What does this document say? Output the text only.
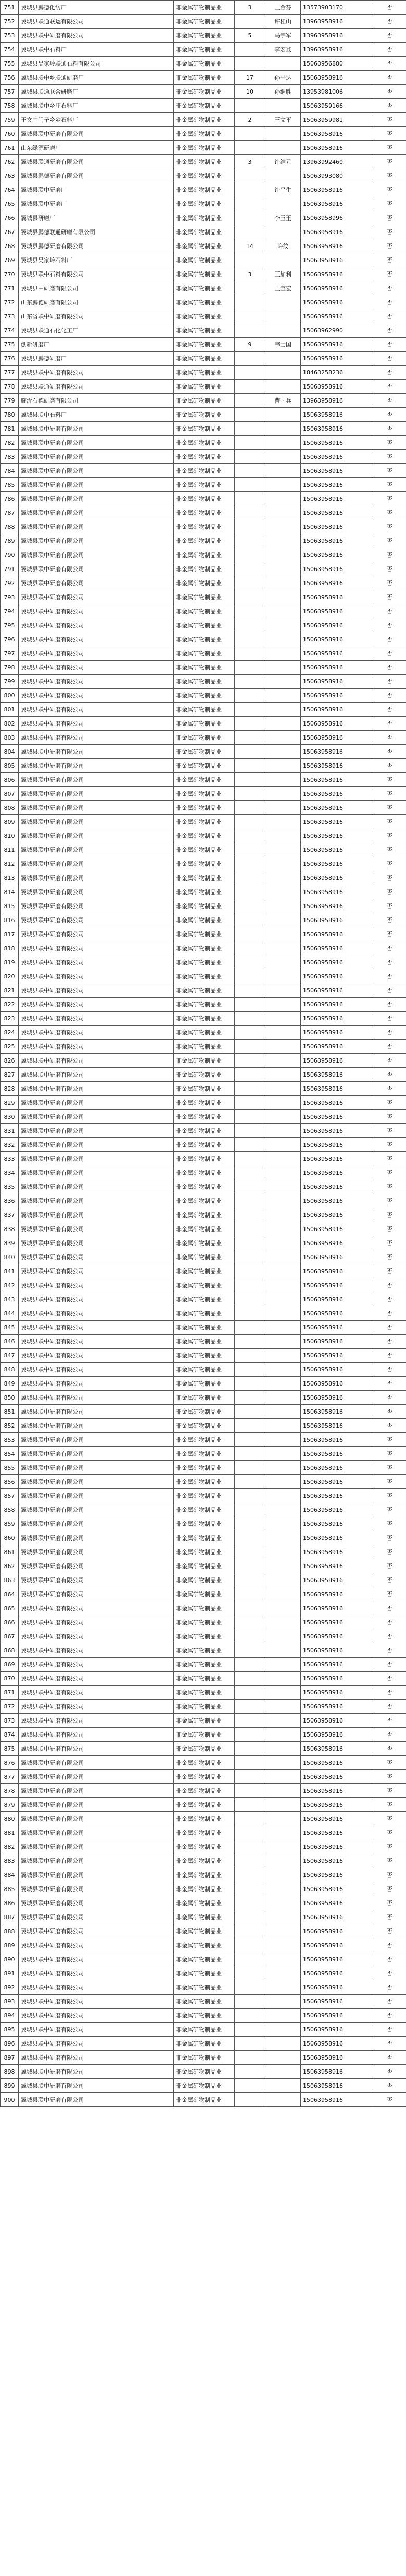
751	翼城县鹏德化纺厂	非金属矿物制品业	3	王金芬	13573903170	否
752	翼城县联通联运有限公司	非金属矿物制品业		许桂山	13963958916	否
753	翼城县联中研磨有限公司	非金属矿物制品业	5	马宇军	13963958916	否
754	翼城县联中石料厂	非金属矿物制品业		李宏登	13963958916	否
755	翼城县吴家岭联通石料有限公司	非金属矿物制品业			15063956880	否
756	翼城县联中乡联通研磨厂	非金属矿物制品业	17	孙平达	15063958916	否
757	翼城县联通联合研磨厂	非金属矿物制品业	10	孙继胜	13953981006	否
758	翼城县联中乡庄石料厂	非金属矿物制品业			15063959166	否
759	王文中门子乡乡石料厂	非金属矿物制品业	2	王文平	15063959981	否
760	翼城县联中研磨有限公司	非金属矿物制品业			15063958916	否
761	山东绿源研磨厂	非金属矿物制品业			15063958916	否
762	翼城县联通研磨有限公司	非金属矿物制品业	3	许维元	13963992460	否
763	翼城县鹏德研磨有限公司	非金属矿物制品业			15063993080	否
764	翼城县联中研磨厂	非金属矿物制品业		许平生	15063958916	否
765	翼城县联中研磨厂	非金属矿物制品业			15063958916	否
766	翼城县研磨厂	非金属矿物制品业		李玉王	15063958996	否
767	翼城县鹏德联通研磨有限公司	非金属矿物制品业			15063958916	否
768	翼城县鹏德研磨有限公司	非金属矿物制品业	14	许纹	15063958916	否
769	翼城县吴家岭石料厂	非金属矿物制品业			15063958916	否
770	翼城县联中石料有限公司	非金属矿物制品业	3	王加利	15063958916	否
771	翼城县中研磨有限公司	非金属矿物制品业		王宝宏	15063958916	否
772	山东鹏德研磨有限公司	非金属矿物制品业			15063958916	否
773	山东省联中研磨有限公司	非金属矿物制品业			15063958916	否
774	翼城县联通石化化工厂	非金属矿物制品业			15063962990	否
775	创新研磨厂	非金属矿物制品业	9	韦士国	15063958916	否
776	翼城县鹏德研磨厂	非金属矿物制品业			15063958916	否
777	翼城县联中研磨有限公司	非金属矿物制品业			18463258236	否
778	翼城县联通研磨有限公司	非金属矿物制品业			15063958916	否
779	临沂石德研磨有限公司	非金属矿物制品业		曹国兵	13963958916	否
780	翼城县联中石料厂	非金属矿物制品业			15063958916	否
781	翼城县联中研磨有限公司	非金属矿物制品业			15063958916	否
782	翼城县联中研磨有限公司	非金属矿物制品业			15063958916	否
783	翼城县联中研磨有限公司	非金属矿物制品业			15063958916	否
784	翼城县联中研磨有限公司	非金属矿物制品业			15063958916	否
785	翼城县联中研磨有限公司	非金属矿物制品业			15063958916	否
786	翼城县联中研磨有限公司	非金属矿物制品业			15063958916	否
787	翼城县联中研磨有限公司	非金属矿物制品业			15063958916	否
788	翼城县联中研磨有限公司	非金属矿物制品业			15063958916	否
789	翼城县联中研磨有限公司	非金属矿物制品业			15063958916	否
790	翼城县联中研磨有限公司	非金属矿物制品业			15063958916	否
791	翼城县联中研磨有限公司	非金属矿物制品业			15063958916	否
792	翼城县联中研磨有限公司	非金属矿物制品业			15063958916	否
793	翼城县联中研磨有限公司	非金属矿物制品业			15063958916	否
794	翼城县联中研磨有限公司	非金属矿物制品业			15063958916	否
795	翼城县联中研磨有限公司	非金属矿物制品业			15063958916	否
796	翼城县联中研磨有限公司	非金属矿物制品业			15063958916	否
797	翼城县联中研磨有限公司	非金属矿物制品业			15063958916	否
798	翼城县联中研磨有限公司	非金属矿物制品业			15063958916	否
799	翼城县联中研磨有限公司	非金属矿物制品业			15063958916	否
800	翼城县联中研磨有限公司	非金属矿物制品业			15063958916	否
801	翼城县联中研磨有限公司	非金属矿物制品业			15063958916	否
802	翼城县联中研磨有限公司	非金属矿物制品业			15063958916	否
803	翼城县联中研磨有限公司	非金属矿物制品业			15063958916	否
804	翼城县联中研磨有限公司	非金属矿物制品业			15063958916	否
805	翼城县联中研磨有限公司	非金属矿物制品业			15063958916	否
806	翼城县联中研磨有限公司	非金属矿物制品业			15063958916	否
807	翼城县联中研磨有限公司	非金属矿物制品业			15063958916	否
808	翼城县联中研磨有限公司	非金属矿物制品业			15063958916	否
809	翼城县联中研磨有限公司	非金属矿物制品业			15063958916	否
810	翼城县联中研磨有限公司	非金属矿物制品业			15063958916	否
811	翼城县联中研磨有限公司	非金属矿物制品业			15063958916	否
812	翼城县联中研磨有限公司	非金属矿物制品业			15063958916	否
813	翼城县联中研磨有限公司	非金属矿物制品业			15063958916	否
814	翼城县联中研磨有限公司	非金属矿物制品业			15063958916	否
815	翼城县联中研磨有限公司	非金属矿物制品业			15063958916	否
816	翼城县联中研磨有限公司	非金属矿物制品业			15063958916	否
817	翼城县联中研磨有限公司	非金属矿物制品业			15063958916	否
818	翼城县联中研磨有限公司	非金属矿物制品业			15063958916	否
819	翼城县联中研磨有限公司	非金属矿物制品业			15063958916	否
820	翼城县联中研磨有限公司	非金属矿物制品业			15063958916	否
821	翼城县联中研磨有限公司	非金属矿物制品业			15063958916	否
822	翼城县联中研磨有限公司	非金属矿物制品业			15063958916	否
823	翼城县联中研磨有限公司	非金属矿物制品业			15063958916	否
824	翼城县联中研磨有限公司	非金属矿物制品业			15063958916	否
825	翼城县联中研磨有限公司	非金属矿物制品业			15063958916	否
826	翼城县联中研磨有限公司	非金属矿物制品业			15063958916	否
827	翼城县联中研磨有限公司	非金属矿物制品业			15063958916	否
828	翼城县联中研磨有限公司	非金属矿物制品业			15063958916	否
829	翼城县联中研磨有限公司	非金属矿物制品业			15063958916	否
830	翼城县联中研磨有限公司	非金属矿物制品业			15063958916	否
831	翼城县联中研磨有限公司	非金属矿物制品业			15063958916	否
832	翼城县联中研磨有限公司	非金属矿物制品业			15063958916	否
833	翼城县联中研磨有限公司	非金属矿物制品业			15063958916	否
834	翼城县联中研磨有限公司	非金属矿物制品业			15063958916	否
835	翼城县联中研磨有限公司	非金属矿物制品业			15063958916	否
836	翼城县联中研磨有限公司	非金属矿物制品业			15063958916	否
837	翼城县联中研磨有限公司	非金属矿物制品业			15063958916	否
838	翼城县联中研磨有限公司	非金属矿物制品业			15063958916	否
839	翼城县联中研磨有限公司	非金属矿物制品业			15063958916	否
840	翼城县联中研磨有限公司	非金属矿物制品业			15063958916	否
841	翼城县联中研磨有限公司	非金属矿物制品业			15063958916	否
842	翼城县联中研磨有限公司	非金属矿物制品业			15063958916	否
843	翼城县联中研磨有限公司	非金属矿物制品业			15063958916	否
844	翼城县联中研磨有限公司	非金属矿物制品业			15063958916	否
845	翼城县联中研磨有限公司	非金属矿物制品业			15063958916	否
846	翼城县联中研磨有限公司	非金属矿物制品业			15063958916	否
847	翼城县联中研磨有限公司	非金属矿物制品业			15063958916	否
848	翼城县联中研磨有限公司	非金属矿物制品业			15063958916	否
849	翼城县联中研磨有限公司	非金属矿物制品业			15063958916	否
850	翼城县联中研磨有限公司	非金属矿物制品业			15063958916	否
851	翼城县联中研磨有限公司	非金属矿物制品业			15063958916	否
852	翼城县联中研磨有限公司	非金属矿物制品业			15063958916	否
853	翼城县联中研磨有限公司	非金属矿物制品业			15063958916	否
854	翼城县联中研磨有限公司	非金属矿物制品业			15063958916	否
855	翼城县联中研磨有限公司	非金属矿物制品业			15063958916	否
856	翼城县联中研磨有限公司	非金属矿物制品业			15063958916	否
857	翼城县联中研磨有限公司	非金属矿物制品业			15063958916	否
858	翼城县联中研磨有限公司	非金属矿物制品业			15063958916	否
859	翼城县联中研磨有限公司	非金属矿物制品业			15063958916	否
860	翼城县联中研磨有限公司	非金属矿物制品业			15063958916	否
861	翼城县联中研磨有限公司	非金属矿物制品业			15063958916	否
862	翼城县联中研磨有限公司	非金属矿物制品业			15063958916	否
863	翼城县联中研磨有限公司	非金属矿物制品业			15063958916	否
864	翼城县联中研磨有限公司	非金属矿物制品业			15063958916	否
865	翼城县联中研磨有限公司	非金属矿物制品业			15063958916	否
866	翼城县联中研磨有限公司	非金属矿物制品业			15063958916	否
867	翼城县联中研磨有限公司	非金属矿物制品业			15063958916	否
868	翼城县联中研磨有限公司	非金属矿物制品业			15063958916	否
869	翼城县联中研磨有限公司	非金属矿物制品业			15063958916	否
870	翼城县联中研磨有限公司	非金属矿物制品业			15063958916	否
871	翼城县联中研磨有限公司	非金属矿物制品业			15063958916	否
872	翼城县联中研磨有限公司	非金属矿物制品业			15063958916	否
873	翼城县联中研磨有限公司	非金属矿物制品业			15063958916	否
874	翼城县联中研磨有限公司	非金属矿物制品业			15063958916	否
875	翼城县联中研磨有限公司	非金属矿物制品业			15063958916	否
876	翼城县联中研磨有限公司	非金属矿物制品业			15063958916	否
877	翼城县联中研磨有限公司	非金属矿物制品业			15063958916	否
878	翼城县联中研磨有限公司	非金属矿物制品业			15063958916	否
879	翼城县联中研磨有限公司	非金属矿物制品业			15063958916	否
880	翼城县联中研磨有限公司	非金属矿物制品业			15063958916	否
881	翼城县联中研磨有限公司	非金属矿物制品业			15063958916	否
882	翼城县联中研磨有限公司	非金属矿物制品业			15063958916	否
883	翼城县联中研磨有限公司	非金属矿物制品业			15063958916	否
884	翼城县联中研磨有限公司	非金属矿物制品业			15063958916	否
885	翼城县联中研磨有限公司	非金属矿物制品业			15063958916	否
886	翼城县联中研磨有限公司	非金属矿物制品业			15063958916	否
887	翼城县联中研磨有限公司	非金属矿物制品业			15063958916	否
888	翼城县联中研磨有限公司	非金属矿物制品业			15063958916	否
889	翼城县联中研磨有限公司	非金属矿物制品业			15063958916	否
890	翼城县联中研磨有限公司	非金属矿物制品业			15063958916	否
891	翼城县联中研磨有限公司	非金属矿物制品业			15063958916	否
892	翼城县联中研磨有限公司	非金属矿物制品业			15063958916	否
893	翼城县联中研磨有限公司	非金属矿物制品业			15063958916	否
894	翼城县联中研磨有限公司	非金属矿物制品业			15063958916	否
895	翼城县联中研磨有限公司	非金属矿物制品业			15063958916	否
896	翼城县联中研磨有限公司	非金属矿物制品业			15063958916	否
897	翼城县联中研磨有限公司	非金属矿物制品业			15063958916	否
898	翼城县联中研磨有限公司	非金属矿物制品业			15063958916	否
899	翼城县联中研磨有限公司	非金属矿物制品业			15063958916	否
900	翼城县联中研磨有限公司	非金属矿物制品业			15063958916	否
